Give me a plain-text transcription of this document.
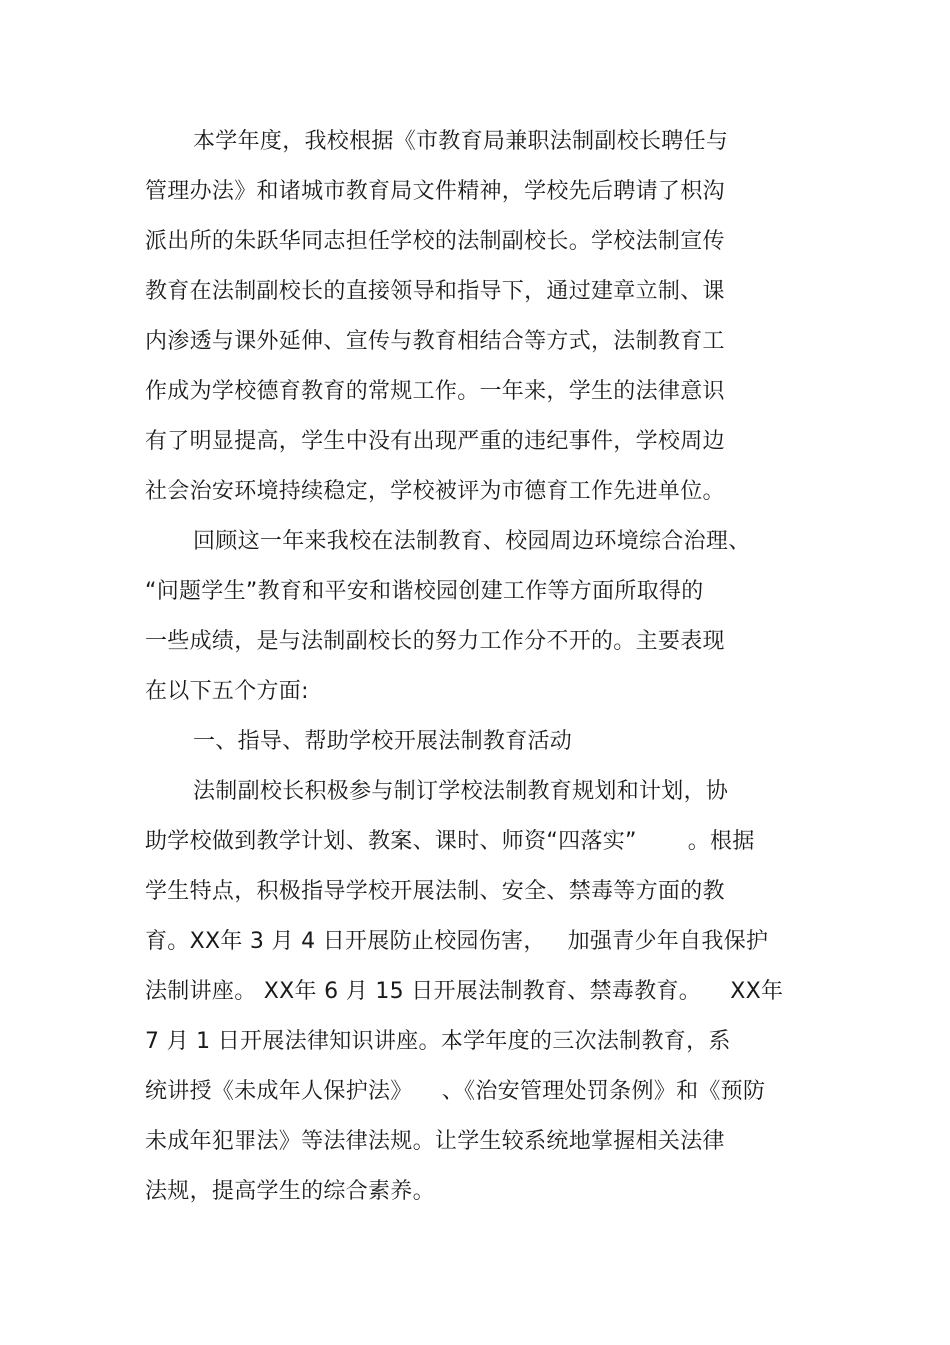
本学年度，我校根据《市教育局兼职法制副校长聘任与
管理办法》和诸城市教育局文件精神，学校先后聘请了枳沟
派出所的朱跃华同志担任学校的法制副校长。学校法制宣传
教育在法制副校长的直接领导和指导下，通过建章立制、课
内渗透与课外延伸、宣传与教育相结合等方式，法制教育工
作成为学校德育教育的常规工作。一年来，学生的法律意识
有了明显提高，学生中没有出现严重的违纪事件，学校周边
社会治安环境持续稳定，学校被评为市德育工作先进单位。
回顾这一年来我校在法制教育、校园周边环境综合治理、
“问题学生”教育和平安和谐校园创建工作等方面所取得的
一些成绩，是与法制副校长的努力工作分不开的。主要表现
在以下五个方面:
一、指导、帮助学校开展法制教育活动
法制副校长积极参与制订学校法制教育规划和计划，协
助学校做到教学计划、教案、课时、师资“四落实”       。根据
学生特点，积极指导学校开展法制、安全、禁毒等方面的教
育。XX年 3 月 4 日开展防止校园伤害，   加强青少年自我保护
法制讲座。 XX年 6 月 15 日开展法制教育、禁毒教育。    XX年
7 月 1 日开展法律知识讲座。本学年度的三次法制教育，系
统讲授《未成年人保护法》    、《治安管理处罚条例》和《预防
未成年犯罪法》等法律法规。让学生较系统地掌握相关法律
法规，提高学生的综合素养。
